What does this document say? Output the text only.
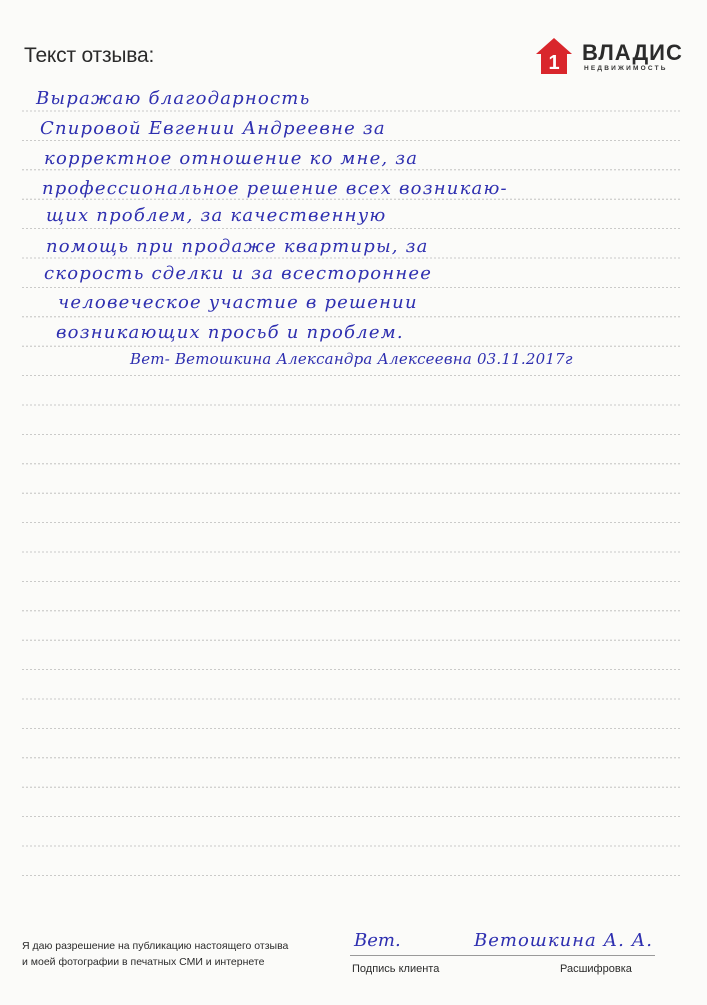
Текст отзыва:	1 ВЛАДИС
НЕДВИЖИМОСТЬ
Выражаю благодарность
Спировой Евгении Андреевне за
корректное отношение ко мне, за
профессиональное решение всех возникаю-
щих проблем, за качественную
помощь при продаже квартиры, за
скорость сделки и за всестороннее
человеческое участие в решении
возникающих просьб и проблем.
Вет- Ветошкина Александра Алексеевна 03.11.2017г
Я даю разрешение на публикацию настоящего отзыва
и моей фотографии в печатных СМИ и интернете
Вет.
Подпись клиента
Ветошкина А. А.
Расшифровка
